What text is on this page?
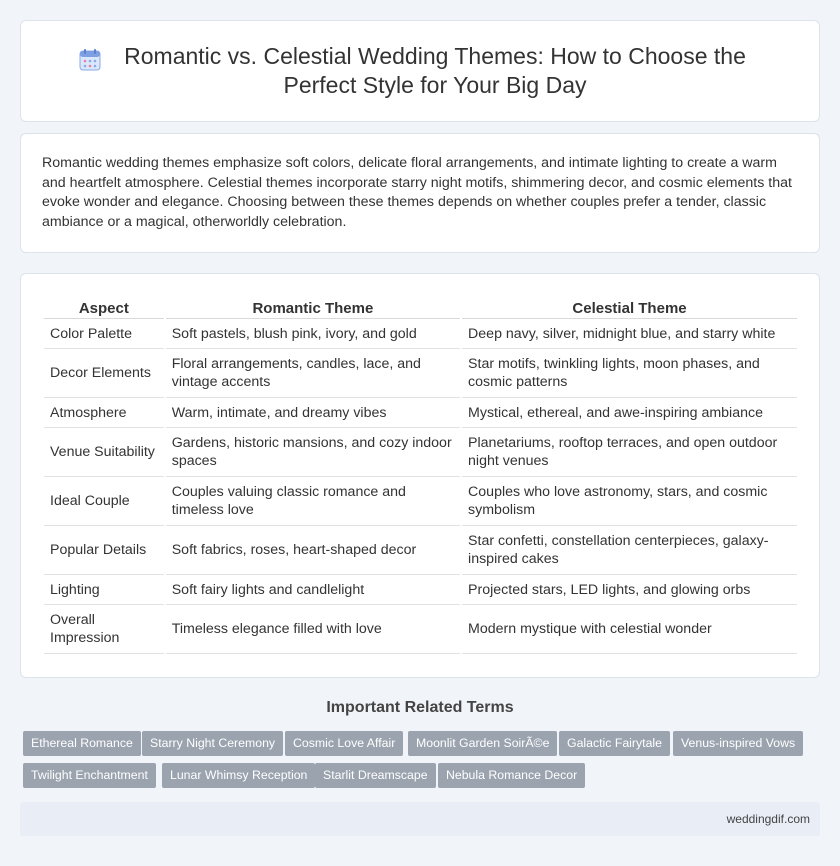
Romantic vs. Celestial Wedding Themes: How to Choose the Perfect Style for Your Big Day

Romantic wedding themes emphasize soft colors, delicate floral arrangements, and intimate lighting to create a warm and heartfelt atmosphere. Celestial themes incorporate starry night motifs, shimmering decor, and cosmic elements that evoke wonder and elegance. Choosing between these themes depends on whether couples prefer a tender, classic ambiance or a magical, otherworldly celebration.

Aspect	Romantic Theme	Celestial Theme
Color Palette	Soft pastels, blush pink, ivory, and gold	Deep navy, silver, midnight blue, and starry white
Decor Elements	Floral arrangements, candles, lace, and vintage accents	Star motifs, twinkling lights, moon phases, and cosmic patterns
Atmosphere	Warm, intimate, and dreamy vibes	Mystical, ethereal, and awe-inspiring ambiance
Venue Suitability	Gardens, historic mansions, and cozy indoor spaces	Planetariums, rooftop terraces, and open outdoor night venues
Ideal Couple	Couples valuing classic romance and timeless love	Couples who love astronomy, stars, and cosmic symbolism
Popular Details	Soft fabrics, roses, heart-shaped decor	Star confetti, constellation centerpieces, galaxy-inspired cakes
Lighting	Soft fairy lights and candlelight	Projected stars, LED lights, and glowing orbs
Overall Impression	Timeless elegance filled with love	Modern mystique with celestial wonder
Important Related Terms
Ethereal Romance	Starry Night Ceremony	Cosmic Love Affair	Moonlit Garden SoirÃ©e	Galactic Fairytale	Venus-inspired Vows
Twilight Enchantment	Lunar Whimsy Reception	Starlit Dreamscape	Nebula Romance Decor
weddingdif.com
